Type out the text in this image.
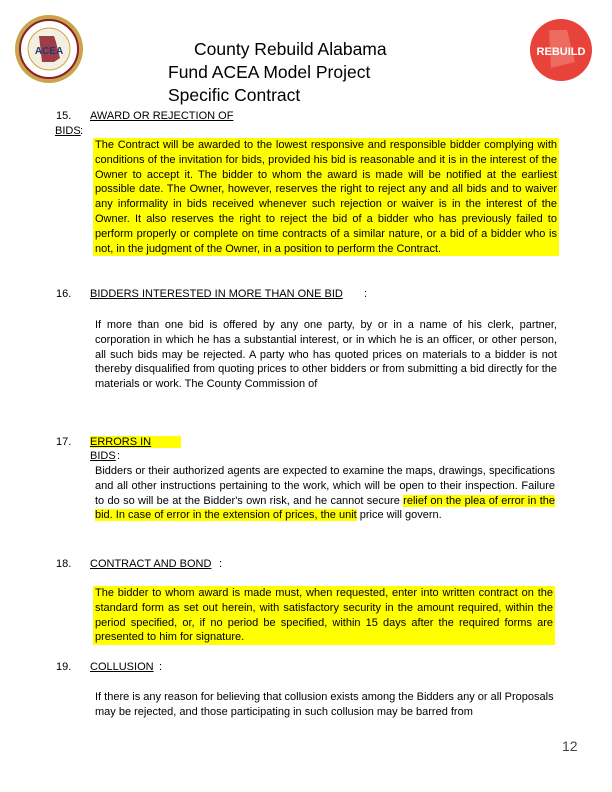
ACEA	REBUILD
County Rebuild Alabama
Fund ACEA Model Project
Specific Contract
15. AWARD OR REJECTION OF
BIDS :
The Contract will be awarded to the lowest responsive and responsible bidder complying with conditions of the invitation for bids, provided his bid is reasonable and it is in the interest of the Owner to accept it. The bidder to whom the award is made will be notified at the earliest possible date. The Owner, however, reserves the right to reject any and all bids and to waiver any informality in bids received whenever such rejection or waiver is in the interest of the Owner. It also reserves the right to reject the bid of a bidder who has previously failed to perform properly or complete on time contracts of a similar nature, or a bid of a bidder who is not, in the judgment of the Owner, in a position to perform the Contract.
16. BIDDERS INTERESTED IN MORE THAN ONE BID :
If more than one bid is offered by any one party, by or in a name of his clerk, partner, corporation in which he has a substantial interest, or in which he is an officer, or other person, all such bids may be rejected. A party who has quoted prices on materials to a bidder is not thereby disqualified from quoting prices to other bidders or from submitting a bid directly for the materials or work. The County Commission of
17. ERRORS IN
BIDS :
Bidders or their authorized agents are expected to examine the maps, drawings, specifications and all other instructions pertaining to the work, which will be open to their inspection. Failure to do so will be at the Bidder's own risk, and he cannot secure relief on the plea of error in the bid. In case of error in the extension of prices, the unit price will govern.
18. CONTRACT AND BOND :
The bidder to whom award is made must, when requested, enter into written contract on the standard form as set out herein, with satisfactory security in the amount required, within the period specified, or, if no period be specified, within 15 days after the required forms are presented to him for signature.
19. COLLUSION :
If there is any reason for believing that collusion exists among the Bidders any or all Proposals may be rejected, and those participating in such collusion may be barred from
12
